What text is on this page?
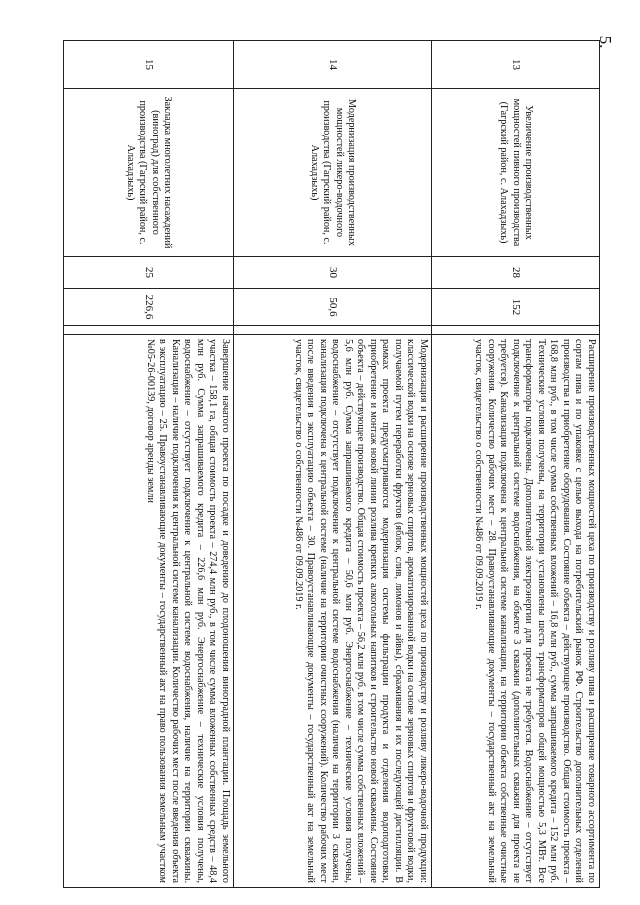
5.
13	Увеличение производственных мощностей пивного производства (Гагрский район, с. Алахадзыхь)	28	152		Расширение производственных мощностей цеха по производству и розливу пива и расширение товарного ассортимента по сортам пива и по упаковке с целью выхода на потребительский рынок РФ. Строительство дополнительных отделений производства и приобретение оборудования. Состояние объекта – действующее производство. Общая стоимость проекта – 168,8 млн руб., в том числе сумма собственных вложений – 16,8 млн руб., сумма запрашиваемого кредита – 152 млн руб. Технические условия получены, на территории установлены шесть трансформаторов общей мощностью 5,3 МВт. Все трансформаторы подключены. Дополнительной электроэнергии для проекта не требуется. Водоснабжение – отсутствует подключение к центральной системе водоснабжения, на объекте 3 скважин (дополнительных скважин для проекта не требуется). Канализация подключена к центральной системе канализации, на территории объекта собственные очистные сооружения. Количество рабочих мест – 28. Правоустанавливающие документы – государственный акт на земельный участок, свидетельство о собственности №486 от 09.09.2019 г.
14	Модернизация производственных мощностей ликеро-водочного производства (Гагрский район, с. Алахадзыхь)	30	50,6		Модернизация и расширение производственных мощностей цеха по производству и розливу ликеро-водочной продукции: классической водки на основе зерновых спиртов, ароматизированной водки на основе зерновых спиртов и фруктовой водки, получаемой путем переработки фруктов (яблок, слив, лимонов и айвы), сбраживания и их последующей дистилляции. В рамках проекта предусматриваются модернизация системы фильтрации продукта и отделения водоподготовки, приобретение и монтаж новой линии розлива крепких алкогольных напитков и строительство новой скважины. Состояние объекта – действующее производство. Общая стоимость проекта – 56,2 млн руб. в том числе сумма собственных вложений – 5,6 млн руб. Сумма запрашиваемого кредита – 50,6 млн руб. Энергоснабжение – технические условия получены, водоснабжение – отсутствует подключение к центральной системе водоснабжения (наличие на территории 3 скважин, канализация подключена к центральной системе (наличие на территории очистных сооружений). Количество рабочих мест после введения в эксплуатацию объекта – 30. Правоустанавливающие документы – государственный акт на земельный участок, свидетельство о собственности №486 от 09.09.2019 г.
15	Закладка многолетних насаждений (виноград) для собственного производства (Гагрский район, с. Алахадзыхь)	25	226,6		Завершение начатого проекта по посадке и доведению до плодоношения виноградной плантации. Площадь земельного участка – 158,1 га, общая стоимость проекта – 274,4 млн руб., в том числе сумма вложенных собственных средств – 48,4 млн руб. Сумма запрашиваемого кредита – 226,6 млн руб. Энергоснабжение – технические условия получены, водоснабжение – отсутствует подключение к центральной системе водоснабжения, наличие на территории скважины. Канализация – наличие подключения к центральной системе канализации. Количество рабочих мест после введения объекта в эксплуатацию – 25. Правоустанавливающие документы – государственный акт на право пользования земельным участком №05-26-00139, договор аренды земли
